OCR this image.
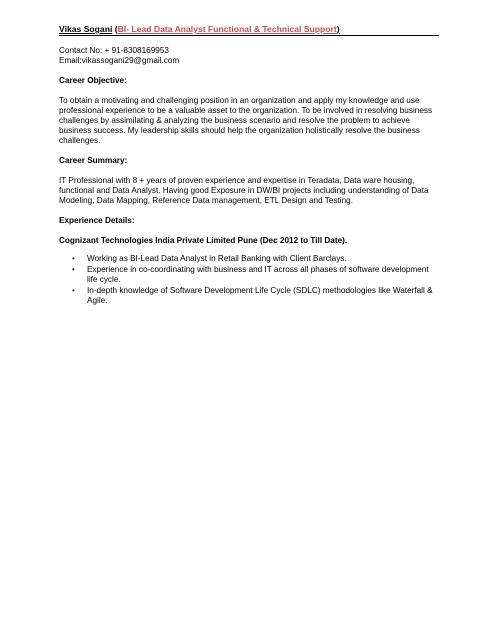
Vikas Sogani (BI- Lead Data Analyst Functional & Technical Support)
Contact No: + 91-8308169953
Email:vikassogani29@gmail.com
Career Objective:

To obtain a motivating and challenging position in an organization and apply my knowledge and use professional experience to be a valuable asset to the organization. To be involved in resolving business challenges by assimilating & analyzing the business scenario and resolve the problem to achieve business success. My leadership skills should help the organization holistically resolve the business challenges.

Career Summary:

IT Professional with 8 + years of proven experience and expertise in Teradata, Data ware housing, functional and Data Analyst. Having good Exposure in DW/BI projects including understanding of Data Modeling, Data Mapping, Reference Data management, ETL Design and Testing.

Experience Details:
Cognizant Technologies India Private Limited Pune (Dec 2012 to Till Date).
• Working as BI-Lead Data Analyst in Retail Banking with Client Barclays.
• Experience in co-coordinating with business and IT across all phases of software development life cycle.
• In-depth knowledge of Software Development Life Cycle (SDLC) methodologies like Waterfall & Agile.
